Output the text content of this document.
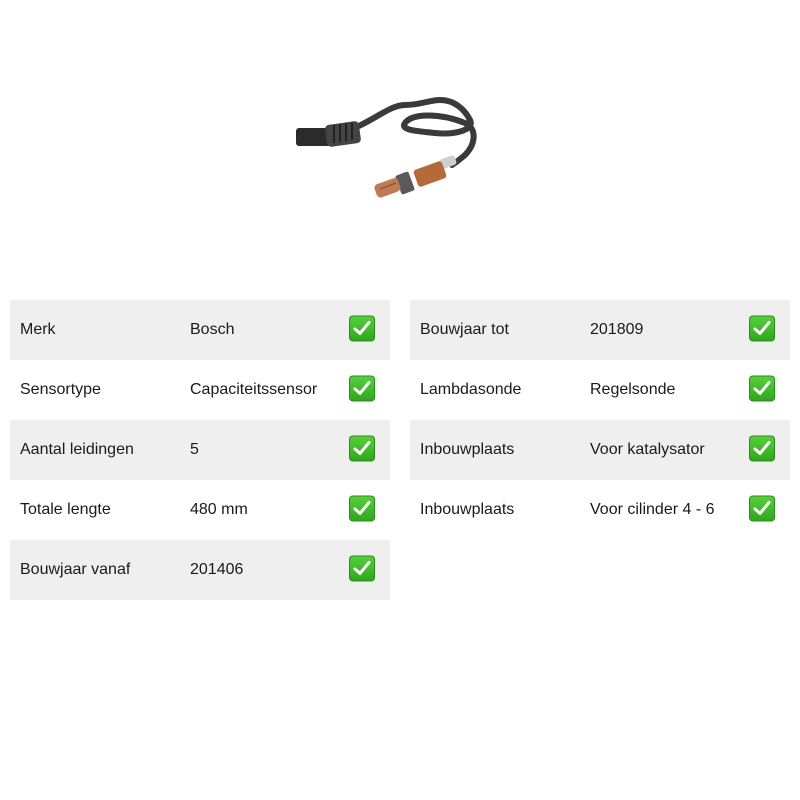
Merk	Bosch
Sensortype	Capaciteitssensor
Aantal leidingen	5
Totale lengte	480 mm
Bouwjaar vanaf	201406
Bouwjaar tot	201809
Lambdasonde	Regelsonde
Inbouwplaats	Voor katalysator
Inbouwplaats	Voor cilinder 4 - 6
